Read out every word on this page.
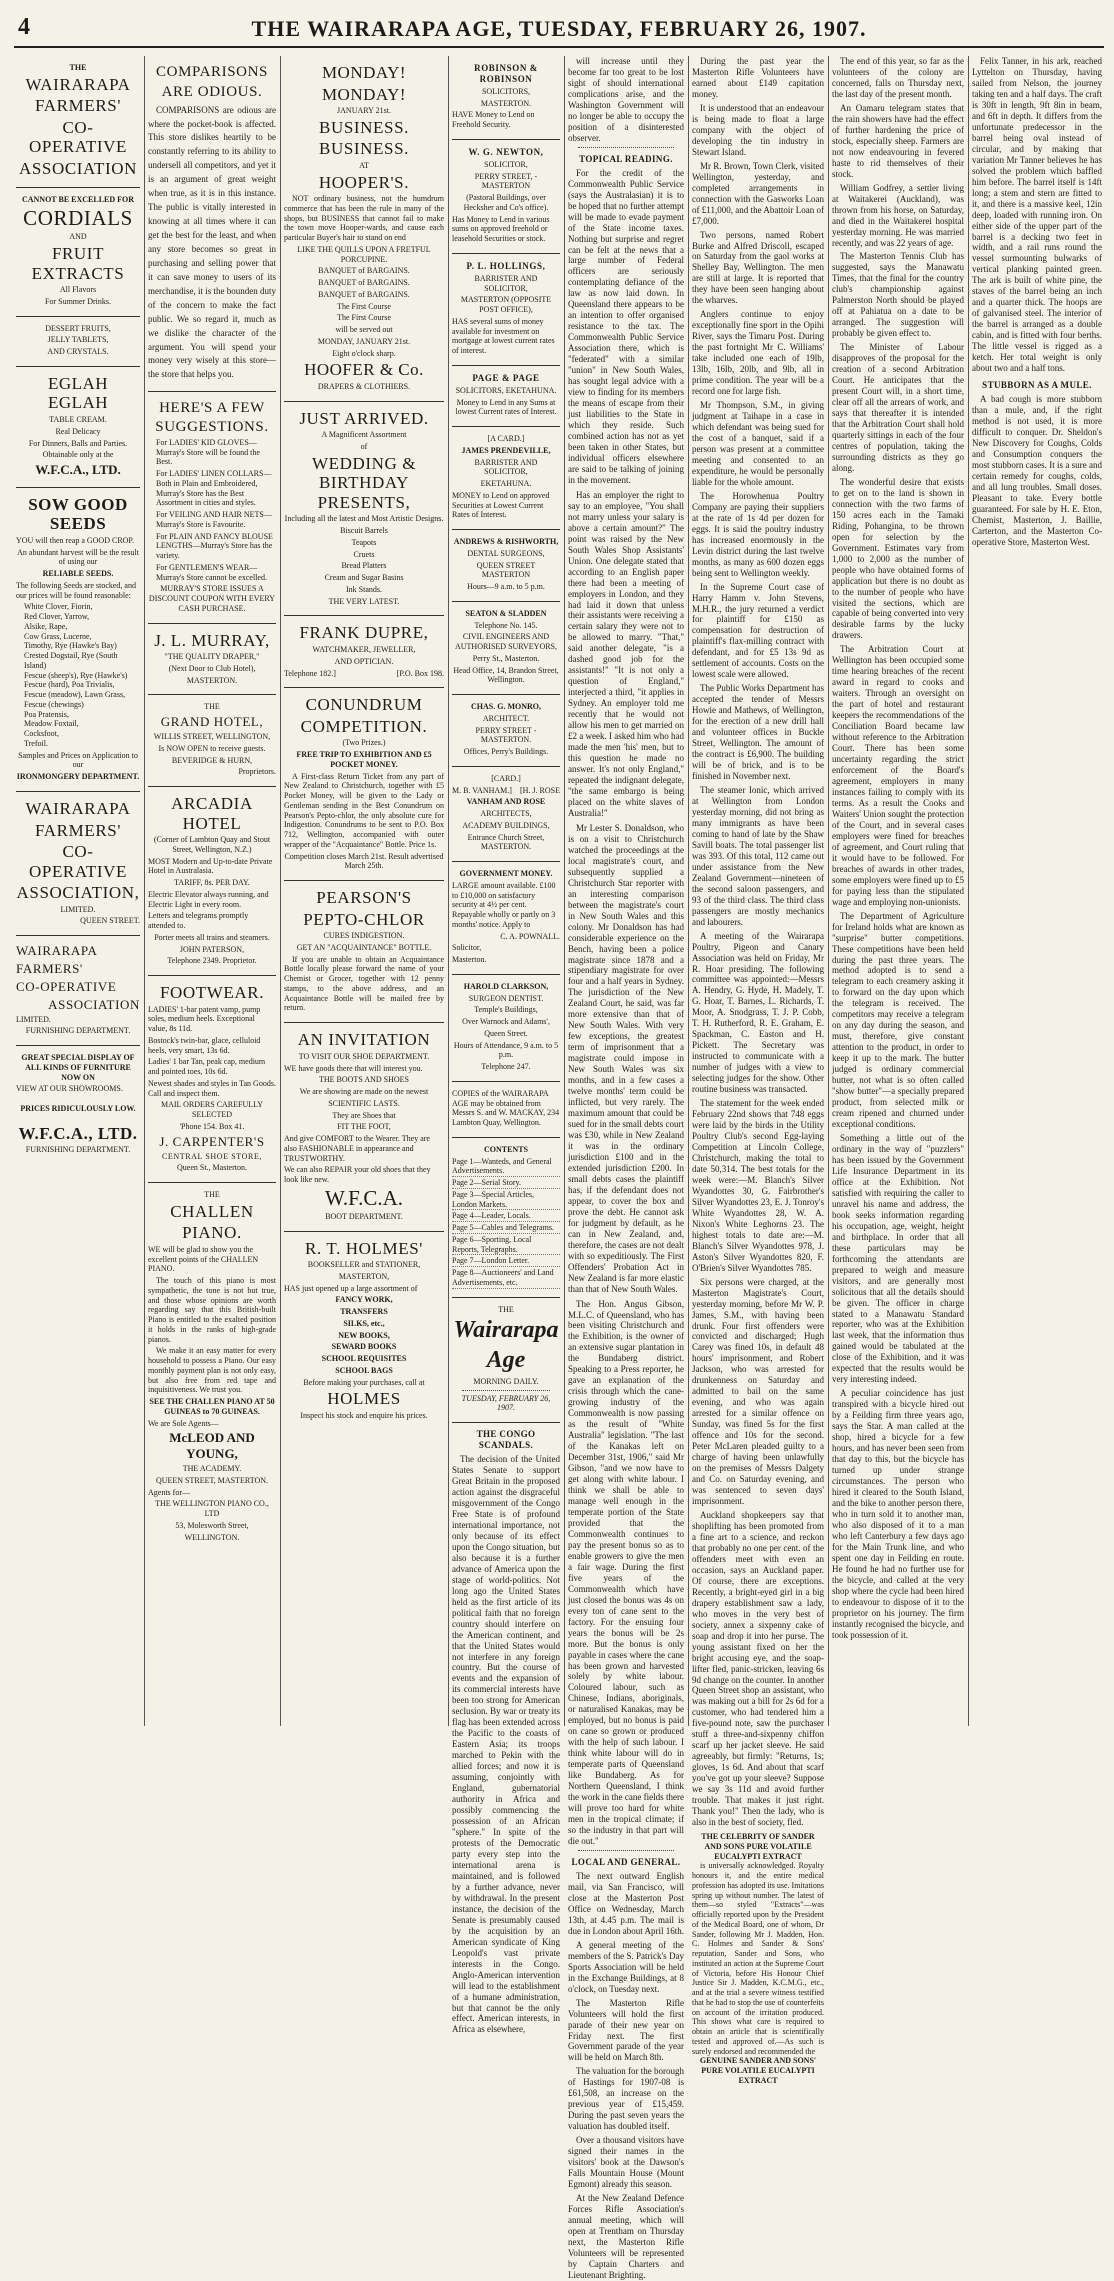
4	THE WAIRARAPA AGE, TUESDAY, FEBRUARY 26, 1907.

THE

WAIRARAPA

FARMERS'

CO-OPERATIVE

ASSOCIATION

CANNOT BE EXCELLED FOR

CORDIALS

AND

FRUIT EXTRACTS

All Flavors

For Summer Drinks.

DESSERT FRUITS,

JELLY TABLETS,

AND CRYSTALS.

EGLAH EGLAH

TABLE CREAM.

Real Delicacy

For Dinners, Balls and Parties.

Obtainable only at the

W.F.C.A., LTD.

SOW GOOD SEEDS

YOU will then reap a GOOD CROP.

An abundant harvest will be the result of using our

RELIABLE SEEDS.

The following Seeds are stocked, and our prices will be found reasonable:

White Clover, Fiorin,
Red Clover, Yarrow,
Alsike, Rape,
Cow Grass, Lucerne,
Timothy, Rye (Hawke's Bay)
Crested Dogstail, Rye (South Island)
Fescue (sheep's), Rye (Hawke's)
Fescue (hard), Poa Trivialis,
Fescue (meadow), Lawn Grass,
Fescue (chewings)
Poa Pratensis,
Meadow Foxtail,
Cocksfoot,
Trefoil.

Samples and Prices on Application to our

IRONMONGERY DEPARTMENT.

WAIRARAPA

FARMERS'

CO-OPERATIVE

ASSOCIATION,

LIMITED.

QUEEN STREET.

WAIRARAPA

FARMERS'

CO-OPERATIVE

ASSOCIATION

LIMITED.

FURNISHING DEPARTMENT.

GREAT SPECIAL DISPLAY OF ALL KINDS OF FURNITURE NOW ON

VIEW AT OUR SHOWROOMS.

PRICES RIDICULOUSLY LOW.

W.F.C.A., LTD.

FURNISHING DEPARTMENT.

COMPARISONS

ARE ODIOUS.

COMPARISONS are odious are where the pocket-book is affected. This store dislikes heartily to be constantly referring to its ability to undersell all competitors, and yet it is an argument of great weight when true, as it is in this instance. The public is vitally interested in knowing at all times where it can get the best for the least, and when any store becomes so great in purchasing and selling power that it can save money to users of its merchandise, it is the bounden duty of the concern to make the fact public. We so regard it, much as we dislike the character of the argument. You will spend your money very wisely at this store—the store that helps you.

HERE'S A FEW SUGGESTIONS.

For LADIES' KID GLOVES—Murray's Store will be found the Best.

For LADIES' LINEN COLLARS—Both in Plain and Embroidered, Murray's Store has the Best Assortment in cities and styles.

For VEILING AND HAIR NETS—Murray's Store is Favourite.

For PLAIN AND FANCY BLOUSE LENGTHS—Murray's Store has the variety.

For GENTLEMEN'S WEAR—Murray's Store cannot be excelled.

MURRAY'S STORE ISSUES A DISCOUNT COUPON WITH EVERY CASH PURCHASE.

J. L. MURRAY,

"THE QUALITY DRAPER,"

(Next Door to Club Hotel),

MASTERTON.

THE

GRAND HOTEL,

WILLIS STREET, WELLINGTON,

Is NOW OPEN to receive guests.

BEVERIDGE & HURN,

Proprietors.

ARCADIA HOTEL

(Corner of Lambton Quay and Stout Street, Wellington, N.Z.)

MOST Modern and Up-to-date Private Hotel in Australasia.

TARIFF, 8s. PER DAY.

Electric Elevator always running, and Electric Light in every room.

Letters and telegrams promptly attended to.

Porter meets all trains and steamers.

JOHN PATERSON,

Telephone 2349. Proprietor.

FOOTWEAR.

LADIES' 1-bar patent vamp, pump soles, medium heels. Exceptional value, 8s 11d.

Bostock's twin-bar, glace, celluloid heels, very smart, 13s 6d.

Ladies' 1 bar Tan, peak cap, medium and pointed toes, 10s 6d.

Newest shades and styles in Tan Goods. Call and inspect them.

MAIL ORDERS CAREFULLY SELECTED

'Phone 154. Box 41.

J. CARPENTER'S

CENTRAL SHOE STORE,

Queen St., Masterton.

THE

CHALLEN

PIANO.

WE will be glad to show you the excellent points of the CHALLEN PIANO.

The touch of this piano is most sympathetic, the tone is not but true, and those whose opinions are worth regarding say that this British-built Piano is entitled to the exalted position it holds in the ranks of high-grade pianos.

We make it an easy matter for every household to possess a Piano. Our easy monthly payment plan is not only easy, but also free from red tape and inquisitiveness. We trust you.

SEE THE CHALLEN PIANO AT 50 GUINEAS to 70 GUINEAS.

We are Sole Agents—

McLEOD AND YOUNG,

THE ACADEMY.

QUEEN STREET, MASTERTON.

Agents for—

THE WELLINGTON PIANO CO., LTD

53, Molesworth Street,

WELLINGTON.

MONDAY!

MONDAY!

JANUARY 21st.

BUSINESS.

BUSINESS.

AT

HOOPER'S.

NOT ordinary business, not the humdrum commerce that has been the rule in many of the shops, but BUSINESS that cannot fail to make the town move Hooper-wards, and cause each particular Buyer's hair to stand on end

LIKE THE QUILLS UPON A FRETFUL PORCUPINE.

BANQUET of BARGAINS.

BANQUET of BARGAINS.

BANQUET of BARGAINS.

The First Course

The First Course

will be served out

MONDAY, JANUARY 21st.

Eight o'clock sharp.

HOOFER & Co.

DRAPERS & CLOTHIERS.

JUST ARRIVED.

A Magnificent Assortment

of

WEDDING & BIRTHDAY PRESENTS,

Including all the latest and Most Artistic Designs.

Biscuit Barrels

Teapots

Cruets

Bread Platters

Cream and Sugar Basins

Ink Stands.

THE VERY LATEST.

FRANK DUPRE,

WATCHMAKER, JEWELLER,

AND OPTICIAN.

Telephone 182.]	[P.O. Box 198.

CONUNDRUM

COMPETITION.

(Two Prizes.)

FREE TRIP TO EXHIBITION AND £5 POCKET MONEY.

A First-class Return Ticket from any part of New Zealand to Christchurch, together with £5 Pocket Money, will be given to the Lady or Gentleman sending in the Best Conundrum on Pearson's Pepto-chlor, the only absolute cure for Indigestion. Conundrums to be sent to P.O. Box 712, Wellington, accompanied with outer wrapper of the "Acquaintance" Bottle. Price 1s.

Competition closes March 21st. Result advertised March 25th.

PEARSON'S

PEPTO-CHLOR

CURES INDIGESTION.

GET AN "ACQUAINTANCE" BOTTLE.

If you are unable to obtain an Acquaintance Bottle locally please forward the name of your Chemist or Grocer, together with 12 penny stamps, to the above address, and an Acquaintance Bottle will be mailed free by return.

AN INVITATION

TO VISIT OUR SHOE DEPARTMENT.

WE have goods there that will interest you.

THE BOOTS AND SHOES

We are showing are made on the newest

SCIENTIFIC LASTS.

They are Shoes that

FIT THE FOOT,

And give COMFORT to the Wearer. They are also FASHIONABLE in appearance and TRUSTWORTHY.

We can also REPAIR your old shoes that they look like new.

W.F.C.A.

BOOT DEPARTMENT.

R. T. HOLMES'

BOOKSELLER and STATIONER,

MASTERTON,

HAS just opened up a large assortment of

FANCY WORK,

TRANSFERS

SILKS, etc.,

NEW BOOKS,

SEWARD BOOKS

SCHOOL REQUISITES

SCHOOL BAGS

Before making your purchases, call at

HOLMES

Inspect his stock and enquire his prices.

ROBINSON & ROBINSON

SOLICITORS,

MASTERTON.

HAVE Money to Lend on Freehold Security.

W. G. NEWTON,

SOLICITOR,

PERRY STREET, - MASTERTON

(Pastoral Buildings, over Hecksher and Co's office).

Has Money to Lend in various sums on approved freehold or leasehold Securities or stock.

P. L. HOLLINGS,

BARRISTER AND SOLICITOR,

MASTERTON (OPPOSITE POST OFFICE),

HAS several sums of money available for investment on mortgage at lowest current rates of interest.

PAGE & PAGE

SOLICITORS, EKETAHUNA.

Money to Lend in any Sums at lowest Current rates of Interest.

[A CARD.]

JAMES PRENDEVILLE,

BARRISTER AND SOLICITOR,

EKETAHUNA.

MONEY to Lend on approved Securities at Lowest Current Rates of Interest.

ANDREWS & RISHWORTH,

DENTAL SURGEONS,

QUEEN STREET MASTERTON

Hours—9 a.m. to 5 p.m.

SEATON & SLADDEN

Telephone No. 145.

CIVIL ENGINEERS AND AUTHORISED SURVEYORS,

Perry St., Masterton.

Head Office, 14, Brandon Street, Wellington.

CHAS. G. MONRO,

ARCHITECT.

PERRY STREET - MASTERTON.

Offices, Perry's Buildings.

[CARD.]

M. B. VANHAM.] [H. J. ROSE

VANHAM AND ROSE

ARCHITECTS,

ACADEMY BUILDINGS,

Entrance Church Street, MASTERTON.

GOVERNMENT MONEY.

LARGE amount available. £100 to £10,000 on satisfactory security at 4½ per cent. Repayable wholly or partly on 3 months' notice. Apply to

C. A. POWNALL.

Solicitor,

Masterton.

HAROLD CLARKSON,

SURGEON DENTIST.

Temple's Buildings,

Over Warnock and Adams',

Queen Street.

Hours of Attendance, 9 a.m. to 5 p.m.

Telephone 247.

COPIES of the WAIRARAPA AGE may be obtained from Messrs S. and W. MACKAY, 234 Lambton Quay, Wellington.

CONTENTS

Page 1—Wanteds, and General Advertisements.
Page 2—Serial Story.
Page 3—Special Articles, London Markets.
Page 4—Leader, Locals.
Page 5—Cables and Telegrams.
Page 6—Sporting, Local Reports, Telegraphs.
Page 7—London Letter.
Page 8—Auctioneers' and Land Advertisements, etc.

THE

Wairarapa Age

MORNING DAILY.

TUESDAY, FEBRUARY 26, 1907.

THE CONGO SCANDALS.

The decision of the United States Senate to support Great Britain in the proposed action against the disgraceful misgovernment of the Congo Free State is of profound international importance, not only because of its effect upon the Congo situation, but also because it is a further advance of America upon the stage of world-politics. Not long ago the United States held as the first article of its political faith that no foreign country should interfere on the American continent, and that the United States would not interfere in any foreign country. But the course of events and the expansion of its commercial interests have been too strong for American seclusion. By war or treaty its flag has been extended across the Pacific to the coasts of Eastern Asia; its troops marched to Pekin with the allied forces; and now it is assuming, conjointly with England, gubernatorial authority in Africa and possibly commencing the possession of an African "sphere." In spite of the protests of the Democratic party every step into the international arena is maintained, and is followed by a further advance, never by withdrawal. In the present instance, the decision of the Senate is presumably caused by the acquisition by an American syndicate of King Leopold's vast private interests in the Congo. Anglo-American intervention will lead to the establishment of a humane administration, but that cannot be the only effect. American interests, in Africa as elsewhere,

will increase until they become far too great to be lost sight of should international complications arise, and the Washington Government will no longer be able to occupy the position of a disinterested observer.

TOPICAL READING.

For the credit of the Commonwealth Public Service (says the Australasian) it is to be hoped that no further attempt will be made to evade payment of the State income taxes. Nothing but surprise and regret can be felt at the news that a large number of Federal officers are seriously contemplating defiance of the law as now laid down. In Queensland there appears to be an intention to offer organised resistance to the tax. The Commonwealth Public Service Association there, which is "federated" with a similar "union" in New South Wales, has sought legal advice with a view to finding for its members the means of escape from their just liabilities to the State in which they reside. Such combined action has not as yet been taken in other States, but individual officers elsewhere are said to be talking of joining in the movement.

Has an employer the right to say to an employee, "You shall not marry unless your salary is above a certain amount?" The point was raised by the New South Wales Shop Assistants' Union. One delegate stated that according to an English paper there had been a meeting of employers in London, and they had laid it down that unless their assistants were receiving a certain salary they were not to be allowed to marry. "That," said another delegate, "is a dashed good job for the assistants!" "It is not only a question of England," interjected a third, "it applies in Sydney. An employer told me recently that he would not allow his men to get married on £2 a week. I asked him who had made the men 'his' men, but to this question he made no answer. It's not only England," repeated the indignant delegate, "the same embargo is being placed on the white slaves of Australia!"

Mr Lester S. Donaldson, who is on a visit to Christchurch watched the proceedings at the local magistrate's court, and subsequently supplied a Christchurch Star reporter with an interesting comparison between the magistrate's court in New South Wales and this colony. Mr Donaldson has had considerable experience on the Bench, having been a police magistrate since 1878 and a stipendiary magistrate for over four and a half years in Sydney. The jurisdiction of the New Zealand Court, he said, was far more extensive than that of New South Wales. With very few exceptions, the greatest term of imprisonment that a magistrate could impose in New South Wales was six months, and in a few cases a twelve months' term could be inflicted, but very rarely. The maximum amount that could be sued for in the small debts court was £30, while in New Zealand it was in the ordinary jurisdiction £100 and in the extended jurisdiction £200. In small debts cases the plaintiff has, if the defendant does not appear, to cover the box and prove the debt. He cannot ask for judgment by default, as he can in New Zealand, and, therefore, the cases are not dealt with so expeditiously. The First Offenders' Probation Act in New Zealand is far more elastic than that of New South Wales.

The Hon. Angus Gibson, M.L.C. of Queensland, who has been visiting Christchurch and the Exhibition, is the owner of an extensive sugar plantation in the Bundaberg district. Speaking to a Press reporter, he gave an explanation of the crisis through which the cane-growing industry of the Commonwealth is now passing as the result of "White Australia" legislation. "The last of the Kanakas left on December 31st, 1906," said Mr Gibson, "and we now have to get along with white labour. I think we shall be able to manage well enough in the temperate portion of the State provided that the Commonwealth continues to pay the present bonus so as to enable growers to give the men a fair wage. During the first five years of the Commonwealth which have just closed the bonus was 4s on every ton of cane sent to the factory. For the ensuing four years the bonus will be 2s more. But the bonus is only payable in cases where the cane has been grown and harvested solely by white labour. Coloured labour, such as Chinese, Indians, aboriginals, or naturalised Kanakas, may be employed, but no bonus is paid on cane so grown or produced with the help of such labour. I think white labour will do in temperate parts of Queensland like Bundaberg. As for Northern Queensland, I think the work in the cane fields there will prove too hard for white men in the tropical climate; if so the industry in that part will die out."

LOCAL AND GENERAL.

The next outward English mail, via San Francisco, will close at the Masterton Post Office on Wednesday, March 13th, at 4.45 p.m. The mail is due in London about April 16th.

A general meeting of the members of the S. Patrick's Day Sports Association will be held in the Exchange Buildings, at 8 o'clock, on Tuesday next.

The Masterton Rifle Volunteers will hold the first parade of their new year on Friday next. The first Government parade of the year will be held on March 8th.

The valuation for the borough of Hastings for 1907-08 is £61,508, an increase on the previous year of £15,459. During the past seven years the valuation has doubled itself.

Over a thousand visitors have signed their names in the visitors' book at the Dawson's Falls Mountain House (Mount Egmont) already this season.

At the New Zealand Defence Forces Rifle Association's annual meeting, which will open at Trentham on Thursday next, the Masterton Rifle Volunteers will be represented by Captain Charters and Lieutenant Brighting.

During the past year the Masterton Rifle Volunteers have earned about £149 capitation money.

It is understood that an endeavour is being made to float a large company with the object of developing the tin industry in Stewart Island.

Mr R. Brown, Town Clerk, visited Wellington, yesterday, and completed arrangements in connection with the Gasworks Loan of £11,000, and the Abattoir Loan of £7,000.

Two persons, named Robert Burke and Alfred Driscoll, escaped on Saturday from the gaol works at Shelley Bay, Wellington. The men are still at large. It is reported that they have been seen hanging about the wharves.

Anglers continue to enjoy exceptionally fine sport in the Opihi River, says the Timaru Post. During the past fortnight Mr C. Williams' take included one each of 19lb, 13lb, 16lb, 20lb, and 9lb, all in prime condition. The year will be a record one for large fish.

Mr Thompson, S.M., in giving judgment at Taihape in a case in which defendant was being sued for the cost of a banquet, said if a person was present at a committee meeting and consented to an expenditure, he would be personally liable for the whole amount.

The Horowhenua Poultry Company are paying their suppliers at the rate of 1s 4d per dozen for eggs. It is said the poultry industry has increased enormously in the Levin district during the last twelve months, as many as 600 dozen eggs being sent to Wellington weekly.

In the Supreme Court case of Harry Hamm v. John Stevens, M.H.R., the jury returned a verdict for plaintiff for £150 as compensation for destruction of plaintiff's flax-milling contract with defendant, and for £5 13s 9d as settlement of accounts. Costs on the lowest scale were allowed.

The Public Works Department has accepted the tender of Messrs Howie and Mathews, of Wellington, for the erection of a new drill hall and volunteer offices in Buckle Street, Wellington. The amount of the contract is £6,900. The building will be of brick, and is to be finished in November next.

The steamer Ionic, which arrived at Wellington from London yesterday morning, did not bring as many immigrants as have been coming to hand of late by the Shaw Savill boats. The total passenger list was 393. Of this total, 112 came out under assistance from the New Zealand Government—nineteen of the second saloon passengers, and 93 of the third class. The third class passengers are mostly mechanics and labourers.

A meeting of the Wairarapa Poultry, Pigeon and Canary Association was held on Friday, Mr R. Hoar presiding. The following committee was appointed:—Messrs A. Hendry, G. Hyde, H. Madely, T. G. Hoar, T. Barnes, L. Richards, T. Moor, A. Snodgrass, T. J. P. Cobb, T. H. Rutherford, R. E. Graham, E. Spackman, C. Easton and H. Pickett. The Secretary was instructed to communicate with a number of judges with a view to selecting judges for the show. Other routine business was transacted.

The statement for the week ended February 22nd shows that 748 eggs were laid by the birds in the Utility Poultry Club's second Egg-laying Competition at Lincoln College, Christchurch, making the total to date 50,314. The best totals for the week were:—M. Blanch's Silver Wyandottes 30, G. Fairbrother's Silver Wyandottes 23, E. J. Tonroy's White Wyandottes 28, W. A. Nixon's White Leghorns 23. The highest totals to date are:—M. Blanch's Silver Wyandottes 978, J. Aston's Silver Wyandottes 820, F. O'Brien's Silver Wyandottes 785.

Six persons were charged, at the Masterton Magistrate's Court, yesterday morning, before Mr W. P. James, S.M., with having been drunk. Four first offenders were convicted and discharged; Hugh Carey was fined 10s, in default 48 hours' imprisonment, and Robert Jackson, who was arrested for drunkenness on Saturday and admitted to bail on the same evening, and who was again arrested for a similar offence on Sunday, was fined 5s for the first offence and 10s for the second. Peter McLaren pleaded guilty to a charge of having been unlawfully on the premises of Messrs Dalgety and Co. on Saturday evening, and was sentenced to seven days' imprisonment.

Auckland shopkeepers say that shoplifting has been promoted from a fine art to a science, and reckon that probably no one per cent. of the offenders meet with even an occasion, says an Auckland paper. Of course, there are exceptions. Recently, a bright-eyed girl in a big drapery establishment saw a lady, who moves in the very best of society, annex a sixpenny cake of soap and drop it into her purse. The young assistant fixed on her the bright accusing eye, and the soap-lifter fled, panic-stricken, leaving 6s 9d change on the counter. In another Queen Street shop an assistant, who was making out a bill for 2s 6d for a customer, who had tendered him a five-pound note, saw the purchaser stuff a three-and-sixpenny chiffon scarf up her jacket sleeve. He said agreeably, but firmly: "Returns, 1s; gloves, 1s 6d. And about that scarf you've got up your sleeve? Suppose we say 3s 11d and avoid further trouble. That makes it just right. Thank you!" Then the lady, who is also in the best of society, fled.

THE CELEBRITY OF SANDER AND SONS PURE VOLATILE EUCALYPTI EXTRACT

is universally acknowledged. Royalty honours it, and the entire medical profession has adopted its use. Imitations spring up without number. The latest of them—so styled "Extracts"—was officially reported upon by the President of the Medical Board, one of whom, Dr Sander, following Mr J. Madden, Hon. C. Holmes and Sander & Sons' reputation, Sander and Sons, who instituted an action at the Supreme Court of Victoria, before His Honour Chief Justice Sir J. Madden, K.C.M.G., etc., and at the trial a severe witness testified that he had to stop the use of counterfeits on account of the irritation produced. This shows what care is required to obtain an article that is scientifically tested and approved of.—As such is surely endorsed and recommended the

GENUINE SANDER AND SONS' PURE VOLATILE EUCALYPTI EXTRACT

The end of this year, so far as the volunteers of the colony are concerned, falls on Thursday next, the last day of the present month.

An Oamaru telegram states that the rain showers have had the effect of further hardening the price of stock, especially sheep. Farmers are not now endeavouring in fevered haste to rid themselves of their stock.

William Godfrey, a settler living at Waitakerei (Auckland), was thrown from his horse, on Saturday, and died in the Waitakerei hospital yesterday morning. He was married recently, and was 22 years of age.

The Masterton Tennis Club has suggested, says the Manawatu Times, that the final for the country club's championship against Palmerston North should be played off at Pahiatua on a date to be arranged. The suggestion will probably be given effect to.

The Minister of Labour disapproves of the proposal for the creation of a second Arbitration Court. He anticipates that the present Court will, in a short time, clear off all the arrears of work, and says that thereafter it is intended that the Arbitration Court shall hold quarterly sittings in each of the four centres of population, taking the surrounding districts as they go along.

The wonderful desire that exists to get on to the land is shown in connection with the two farms of 150 acres each in the Tamaki Riding, Pohangina, to be thrown open for selection by the Government. Estimates vary from 1,000 to 2,000 as the number of people who have obtained forms of application but there is no doubt as to the number of people who have visited the sections, which are capable of being converted into very desirable farms by the lucky drawers.

The Arbitration Court at Wellington has been occupied some time hearing breaches of the recent award in regard to cooks and waiters. Through an oversight on the part of hotel and restaurant keepers the recommendations of the Conciliation Board became law without reference to the Arbitration Court. There has been some uncertainty regarding the strict enforcement of the Board's agreement, employers in many instances failing to comply with its terms. As a result the Cooks and Waiters' Union sought the protection of the Court, and in several cases employers were fined for breaches of agreement, and Court ruling that it would have to be followed. For breaches of awards in other trades, some employers were fined up to £5 for paying less than the stipulated wage and employing non-unionists.

The Department of Agriculture for Ireland holds what are known as "surprise" butter competitions. These competitions have been held during the past three years. The method adopted is to send a telegram to each creamery asking it to forward on the day upon which the telegram is received. The competitors may receive a telegram on any day during the season, and must, therefore, give constant attention to the product, in order to keep it up to the mark. The butter judged is ordinary commercial butter, not what is so often called "show butter"—a specially prepared product, from selected milk or cream ripened and churned under exceptional conditions.

Something a little out of the ordinary in the way of "puzzlers" has been issued by the Government Life Insurance Department in its office at the Exhibition. Not satisfied with requiring the caller to unravel his name and address, the book seeks information regarding his occupation, age, weight, height and birthplace. In order that all these particulars may be forthcoming the attendants are prepared to weigh and measure visitors, and are generally most solicitous that all the details should be given. The officer in charge stated to a Manawatu Standard reporter, who was at the Exhibition last week, that the information thus gained would be tabulated at the close of the Exhibition, and it was expected that the results would be very interesting indeed.

A peculiar coincidence has just transpired with a bicycle hired out by a Feilding firm three years ago, says the Star. A man called at the shop, hired a bicycle for a few hours, and has never been seen from that day to this, but the bicycle has turned up under strange circumstances. The person who hired it cleared to the South Island, and the bike to another person there, who in turn sold it to another man, who also disposed of it to a man who left Canterbury a few days ago for the Main Trunk line, and who spent one day in Feilding en route. He found he had no further use for the bicycle, and called at the very shop where the cycle had been hired to endeavour to dispose of it to the proprietor on his journey. The firm instantly recognised the bicycle, and took possession of it.

Felix Tanner, in his ark, reached Lyttelton on Thursday, having sailed from Nelson, the journey taking ten and a half days. The craft is 30ft in length, 9ft 8in in beam, and 6ft in depth. It differs from the unfortunate predecessor in the barrel being oval instead of circular, and by making that variation Mr Tanner believes he has solved the problem which baffled him before. The barrel itself is 14ft long; a stem and stern are fitted to it, and there is a massive keel, 12in deep, loaded with running iron. On either side of the upper part of the barrel is a decking two feet in width, and a rail runs round the vessel surmounting bulwarks of vertical planking painted green. The ark is built of white pine, the staves of the barrel being an inch and a quarter thick. The hoops are of galvanised steel. The interior of the barrel is arranged as a double cabin, and is fitted with four berths. The little vessel is rigged as a ketch. Her total weight is only about two and a half tons.

STUBBORN AS A MULE.

A bad cough is more stubborn than a mule, and, if the right method is not used, it is more difficult to conquer. Dr. Sheldon's New Discovery for Coughs, Colds and Consumption conquers the most stubborn cases. It is a sure and certain remedy for coughs, colds, and all lung troubles. Small doses. Pleasant to take. Every bottle guaranteed. For sale by H. E. Eton, Chemist, Masterton, J. Baillie, Carterton, and the Masterton Co-operative Store, Masterton West.
